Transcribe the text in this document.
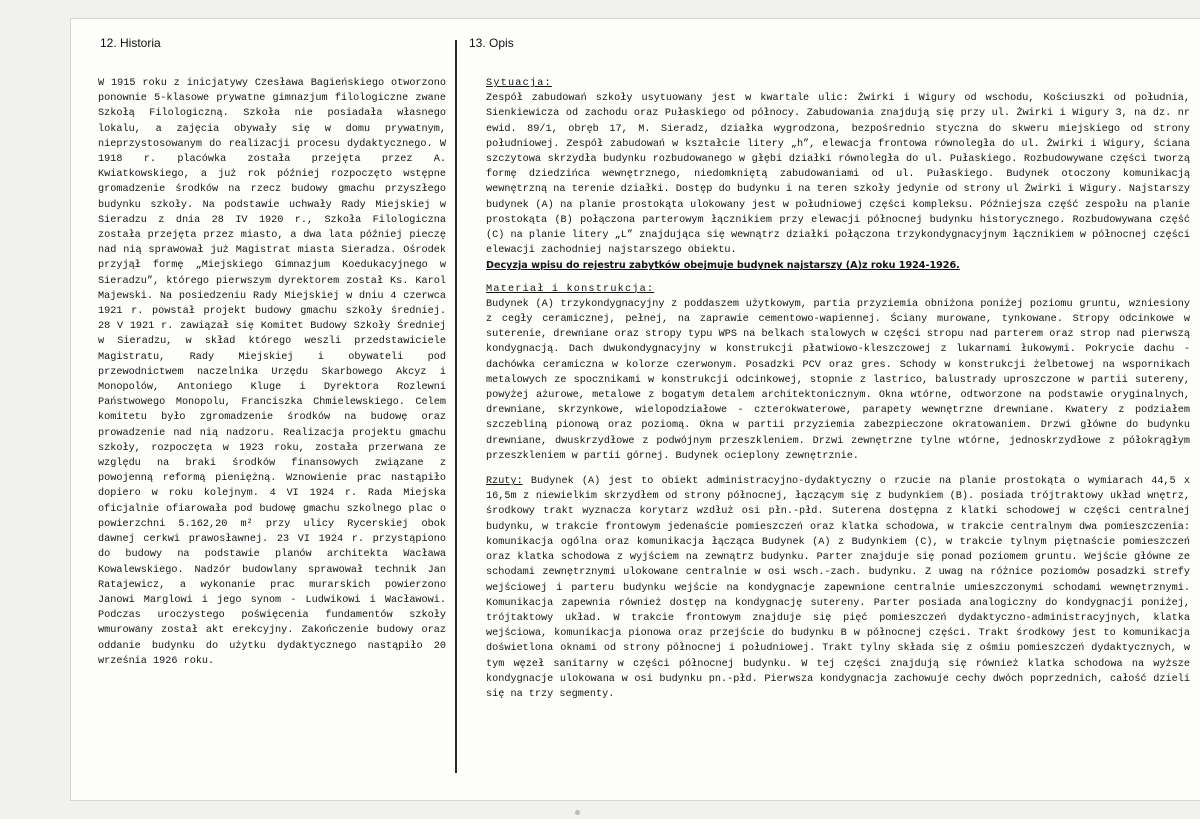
12. Historia
W 1915 roku z inicjatywy Czesława Bagieńskiego otworzono ponownie 5-klasowe prywatne gimnazjum filologiczne zwane Szkołą Filologiczną. Szkoła nie posiadała własnego lokalu, a zajęcia obywały się w domu prywatnym, nieprzystosowanym do realizacji procesu dydaktycznego. W 1918 r. placówka została przejęta przez A. Kwiatkowskiego, a już rok później rozpoczęto wstępne gromadzenie środków na rzecz budowy gmachu przyszłego budynku szkoły. Na podstawie uchwały Rady Miejskiej w Sieradzu z dnia 28 IV 1920 r., Szkoła Filologiczna została przejęta przez miasto, a dwa lata później pieczę nad nią sprawował już Magistrat miasta Sieradza. Ośrodek przyjął formę „Miejskiego Gimnazjum Koedukacyjnego w Sieradzu”, którego pierwszym dyrektorem został Ks. Karol Majewski. Na posiedzeniu Rady Miejskiej w dniu 4 czerwca 1921 r. powstał projekt budowy gmachu szkoły średniej. 28 V 1921 r. zawiązał się Komitet Budowy Szkoły Średniej w Sieradzu, w skład którego weszli przedstawiciele Magistratu, Rady Miejskiej i obywateli pod przewodnictwem naczelnika Urzędu Skarbowego Akcyz i Monopolów, Antoniego Kluge i Dyrektora Rozlewni Państwowego Monopolu, Franciszka Chmielewskiego. Celem komitetu było zgromadzenie środków na budowę oraz prowadzenie nad nią nadzoru. Realizacja projektu gmachu szkoły, rozpoczęta w 1923 roku, została przerwana ze względu na braki środków finansowych związane z powojenną reformą pieniężną. Wznowienie prac nastąpiło dopiero w roku kolejnym. 4 VI 1924 r. Rada Miejska oficjalnie ofiarowała pod budowę gmachu szkolnego plac o powierzchni 5.162,20 m² przy ulicy Rycerskiej obok dawnej cerkwi prawosławnej. 23 VI 1924 r. przystąpiono do budowy na podstawie planów architekta Wacława Kowalewskiego. Nadzór budowlany sprawował technik Jan Ratajewicz, a wykonanie prac murarskich powierzono Janowi Marglowi i jego synom - Ludwikowi i Wacławowi. Podczas uroczystego poświęcenia fundamentów szkoły wmurowany został akt erekcyjny. Zakończenie budowy oraz oddanie budynku do użytku dydaktycznego nastąpiło 20 września 1926 roku.
13. Opis

Sytuacja:

Zespół zabudowań szkoły usytuowany jest w kwartale ulic: Żwirki i Wigury od wschodu, Kościuszki od południa, Sienkiewicza od zachodu oraz Pułaskiego od północy. Zabudowania znajdują się przy ul. Żwirki i Wigury 3, na dz. nr ewid. 89/1, obręb 17, M. Sieradz, działka wygrodzona, bezpośrednio styczna do skweru miejskiego od strony południowej. Zespół zabudowań w kształcie litery „h”, elewacja frontowa równoległa do ul. Żwirki i Wigury, ściana szczytowa skrzydła budynku rozbudowanego w głębi działki równoległa do ul. Pułaskiego. Rozbudowywane części tworzą formę dziedzińca wewnętrznego, niedomkniętą zabudowaniami od ul. Pułaskiego. Budynek otoczony komunikacją wewnętrzną na terenie działki. Dostęp do budynku i na teren szkoły jedynie od strony ul Żwirki i Wigury. Najstarszy budynek (A) na planie prostokąta ulokowany jest w południowej części kompleksu. Późniejsza część zespołu na planie prostokąta (B) połączona parterowym łącznikiem przy elewacji północnej budynku historycznego. Rozbudowywana część (C) na planie litery „L” znajdująca się wewnątrz działki połączona trzykondygnacyjnym łącznikiem w północnej części elewacji zachodniej najstarszego obiektu.

Decyzja wpisu do rejestru zabytków obejmuje budynek najstarszy (A)z roku 1924-1926.

Materiał i konstrukcja:

Budynek (A) trzykondygnacyjny z poddaszem użytkowym, partia przyziemia obniżona poniżej poziomu gruntu, wzniesiony z cegły ceramicznej, pełnej, na zaprawie cementowo-wapiennej. Ściany murowane, tynkowane. Stropy odcinkowe w suterenie, drewniane oraz stropy typu WPS na belkach stalowych w części stropu nad parterem oraz strop nad pierwszą kondygnacją. Dach dwukondygnacyjny w konstrukcji płatwiowo-kleszczowej z lukarnami łukowymi. Pokrycie dachu - dachówka ceramiczna w kolorze czerwonym. Posadzki PCV oraz gres. Schody w konstrukcji żelbetowej na wspornikach metalowych ze spocznikami w konstrukcji odcinkowej, stopnie z lastrico, balustrady uproszczone w partii sutereny, powyżej ażurowe, metalowe z bogatym detalem architektonicznym. Okna wtórne, odtworzone na podstawie oryginalnych, drewniane, skrzynkowe, wielopodziałowe - czterokwaterowe, parapety wewnętrzne drewniane. Kwatery z podziałem szczebliną pionową oraz poziomą. Okna w partii przyziemia zabezpieczone okratowaniem. Drzwi główne do budynku drewniane, dwuskrzydłowe z podwójnym przeszkleniem. Drzwi zewnętrzne tylne wtórne, jednoskrzydłowe z półokrągłym przeszkleniem w partii górnej. Budynek ocieplony zewnętrznie.

Rzuty: Budynek (A) jest to obiekt administracyjno-dydaktyczny o rzucie na planie prostokąta o wymiarach 44,5 x 16,5m z niewielkim skrzydłem od strony północnej, łączącym się z budynkiem (B). posiada trójtraktowy układ wnętrz, środkowy trakt wyznacza korytarz wzdłuż osi płn.-płd. Suterena dostępna z klatki schodowej w części centralnej budynku, w trakcie frontowym jedenaście pomieszczeń oraz klatka schodowa, w trakcie centralnym dwa pomieszczenia: komunikacja ogólna oraz komunikacja łącząca Budynek (A) z Budynkiem (C), w trakcie tylnym piętnaście pomieszczeń oraz klatka schodowa z wyjściem na zewnątrz budynku. Parter znajduje się ponad poziomem gruntu. Wejście główne ze schodami zewnętrznymi ulokowane centralnie w osi wsch.-zach. budynku. Z uwag na różnice poziomów posadzki strefy wejściowej i parteru budynku wejście na kondygnacje zapewnione centralnie umieszczonymi schodami wewnętrznymi. Komunikacja zapewnia również dostęp na kondygnację sutereny. Parter posiada analogiczny do kondygnacji poniżej, trójtaktowy układ. W trakcie frontowym znajduje się pięć pomieszczeń dydaktyczno-administracyjnych, klatka wejściowa, komunikacja pionowa oraz przejście do budynku B w północnej części. Trakt środkowy jest to komunikacja doświetlona oknami od strony północnej i południowej. Trakt tylny składa się z ośmiu pomieszczeń dydaktycznych, w tym węzeł sanitarny w części północnej budynku. W tej części znajdują się również klatka schodowa na wyższe kondygnacje ulokowana w osi budynku pn.-płd. Pierwsza kondygnacja zachowuje cechy dwóch poprzednich, całość dzieli się na trzy segmenty.
